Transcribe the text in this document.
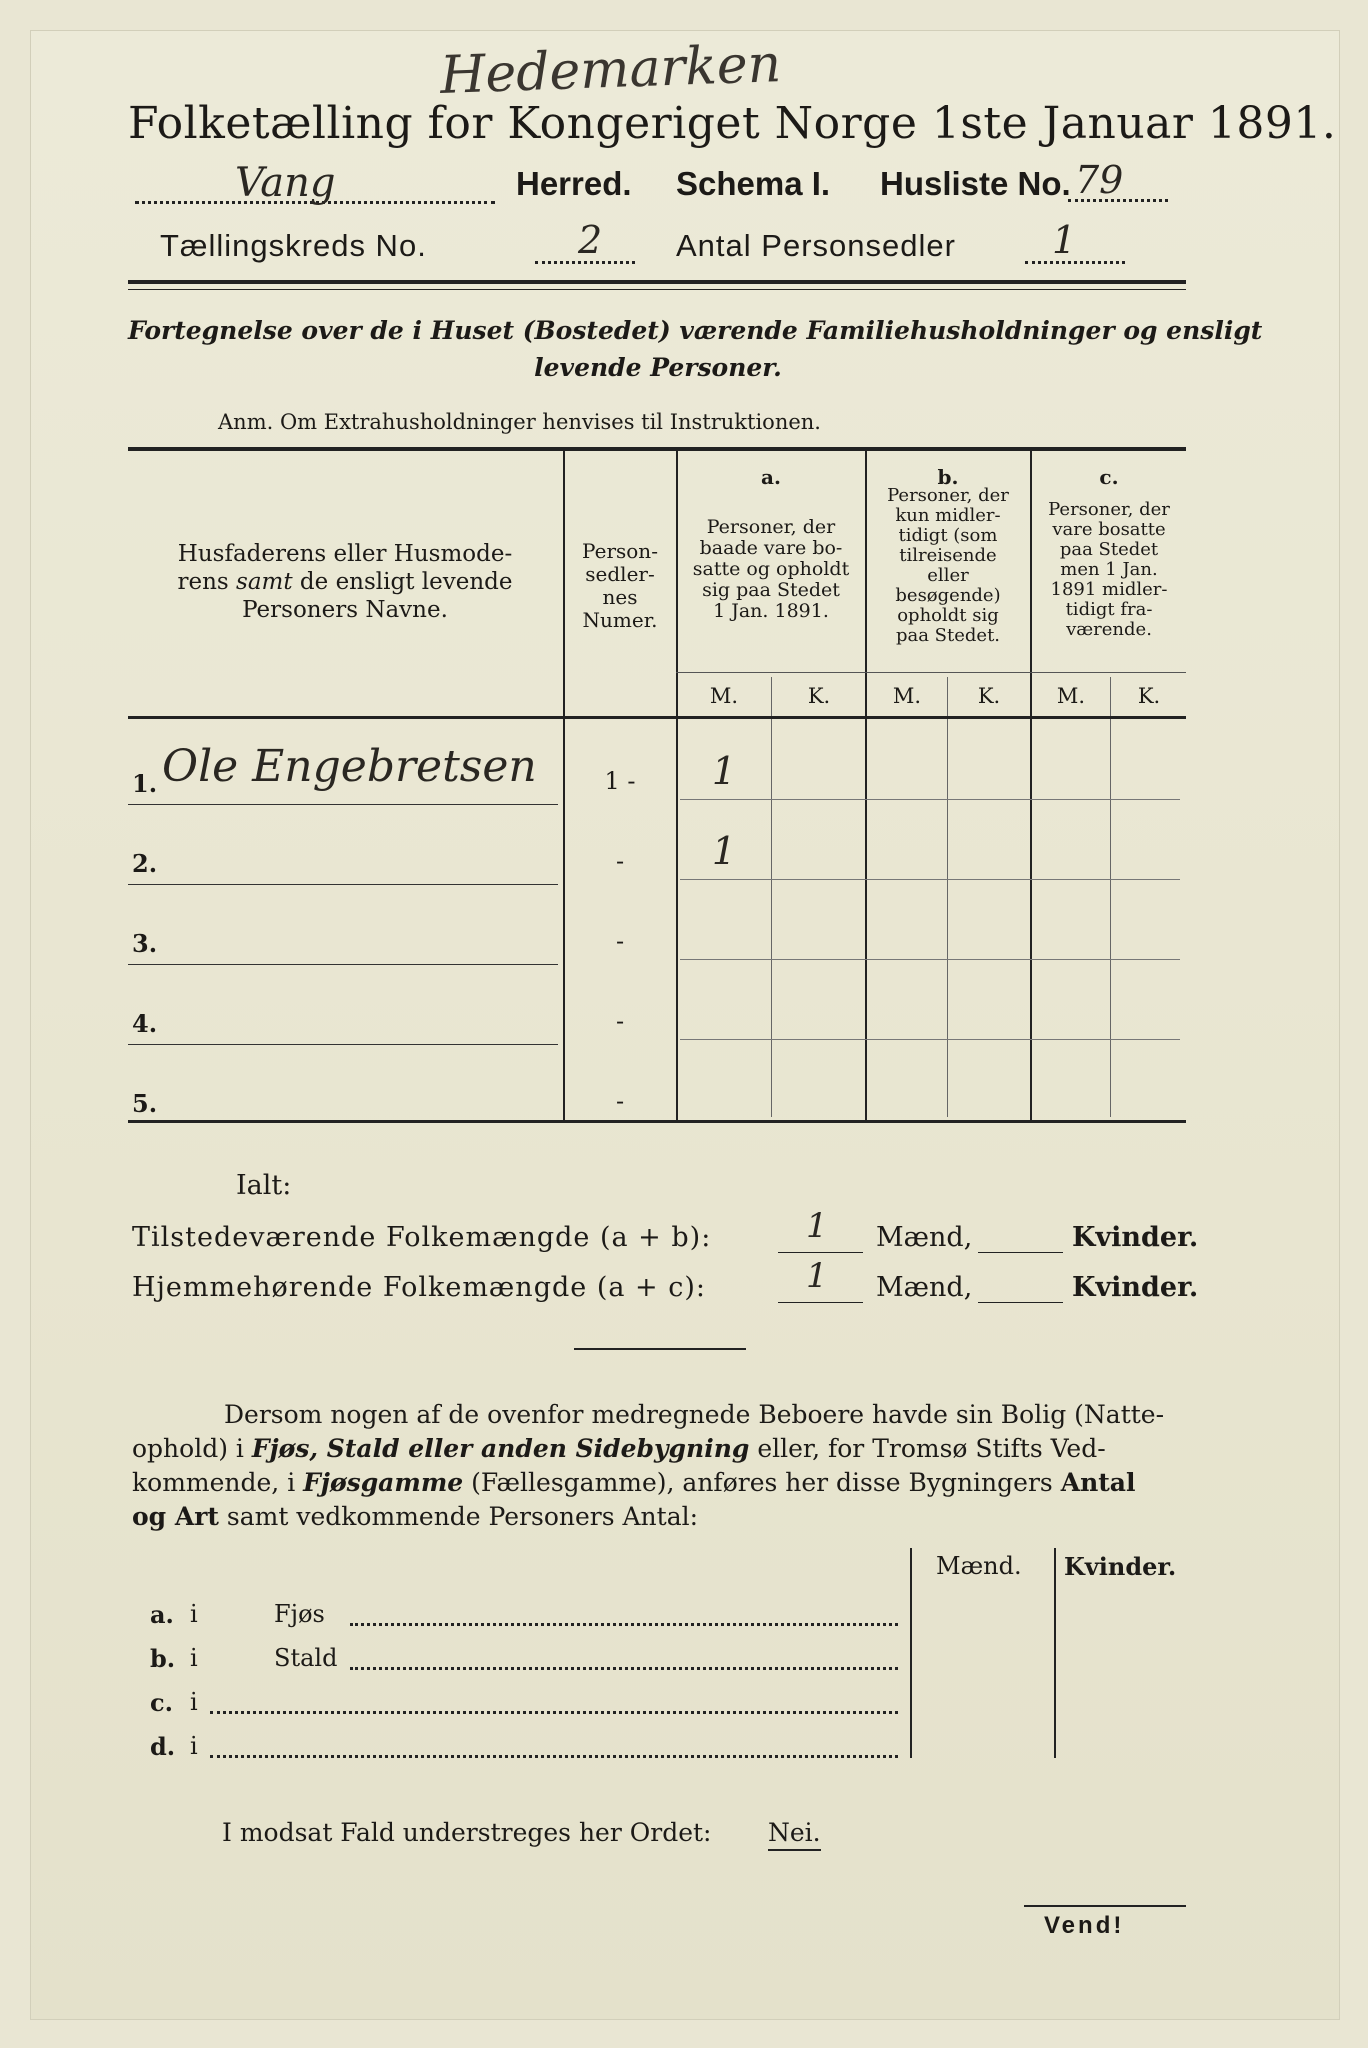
Hedemarken
Folketælling for Kongeriget Norge 1ste Januar 1891.
Vang	Herred. Schema I. Husliste No. 79
Tællingskreds No.	2 Antal Personsedler	1
Fortegnelse over de i Huset (Bostedet) værende Familiehusholdninger og ensligt
levende Personer.
Anm. Om Extrahusholdninger henvises til Instruktionen.
Husfaderens eller Husmode-
rens samt de ensligt levende
Personers Navne.
Person-
sedler-
nes
Numer.
a.
Personer, der
baade vare bo-
satte og opholdt
sig paa Stedet
1 Jan. 1891.
b.
Personer, der
kun midler-
tidigt (som
tilreisende
eller
besøgende)
opholdt sig
paa Stedet.
c.
Personer, der
vare bosatte
paa Stedet
men 1 Jan.
1891 midler-
tidigt fra-
værende.
M.	K.	M.	K.	M.	K.
1. Ole Engebretsen	1 -	1
2.	-	1
3.	-
4.	-
5.	-
Ialt:
Tilstedeværende Folkemængde (a + b):	1 Mænd,	Kvinder.
Hjemmehørende Folkemængde (a + c):	1 Mænd,	Kvinder.
Dersom nogen af de ovenfor medregnede Beboere havde sin Bolig (Natte-
ophold) i Fjøs, Stald eller anden Sidebygning eller, for Tromsø Stifts Ved-
kommende, i Fjøsgamme (Fællesgamme), anføres her disse Bygningers Antal
og Art samt vedkommende Personers Antal:
Mænd. Kvinder.
a. i	Fjøs
b. i	Stald
c. i
d. i
I modsat Fald understreges her Ordet: Nei.
Vend!
